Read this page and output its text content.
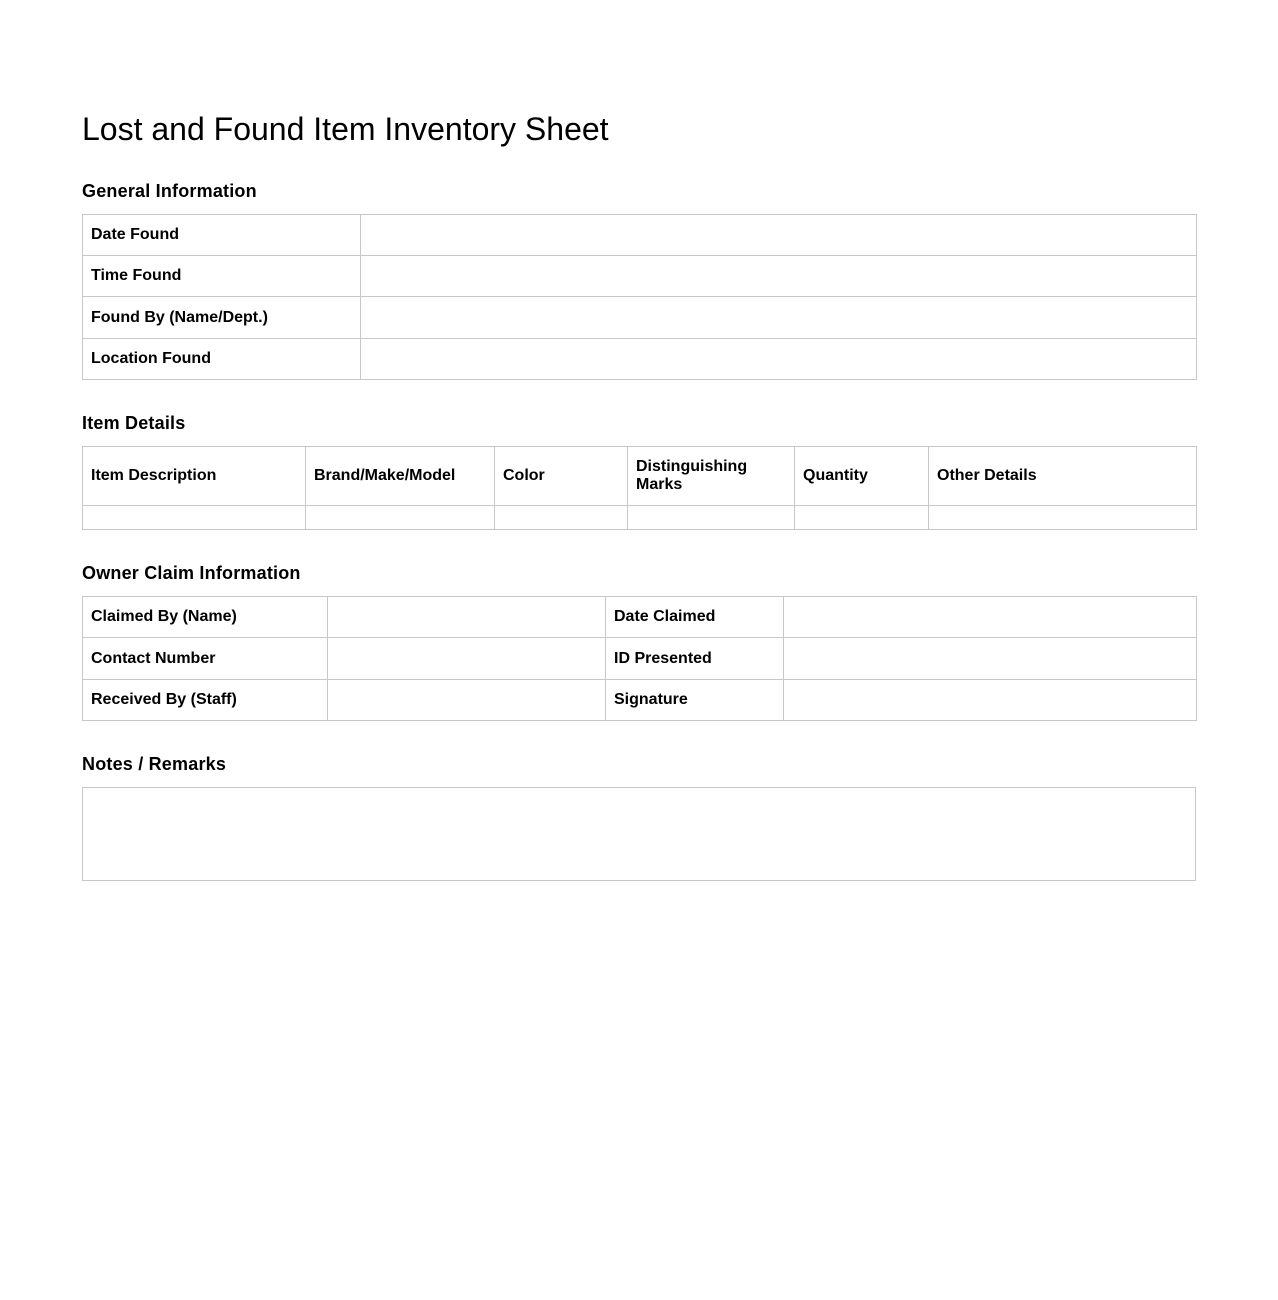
Lost and Found Item Inventory Sheet
General Information
Date Found	
Time Found	
Found By (Name/Dept.)	
Location Found	
Item Details
Item Description	Brand/Make/Model	Color	Distinguishing Marks	Quantity	Other Details

Owner Claim Information
Claimed By (Name)		Date Claimed	
Contact Number		ID Presented	
Received By (Staff)		Signature	
Notes / Remarks
